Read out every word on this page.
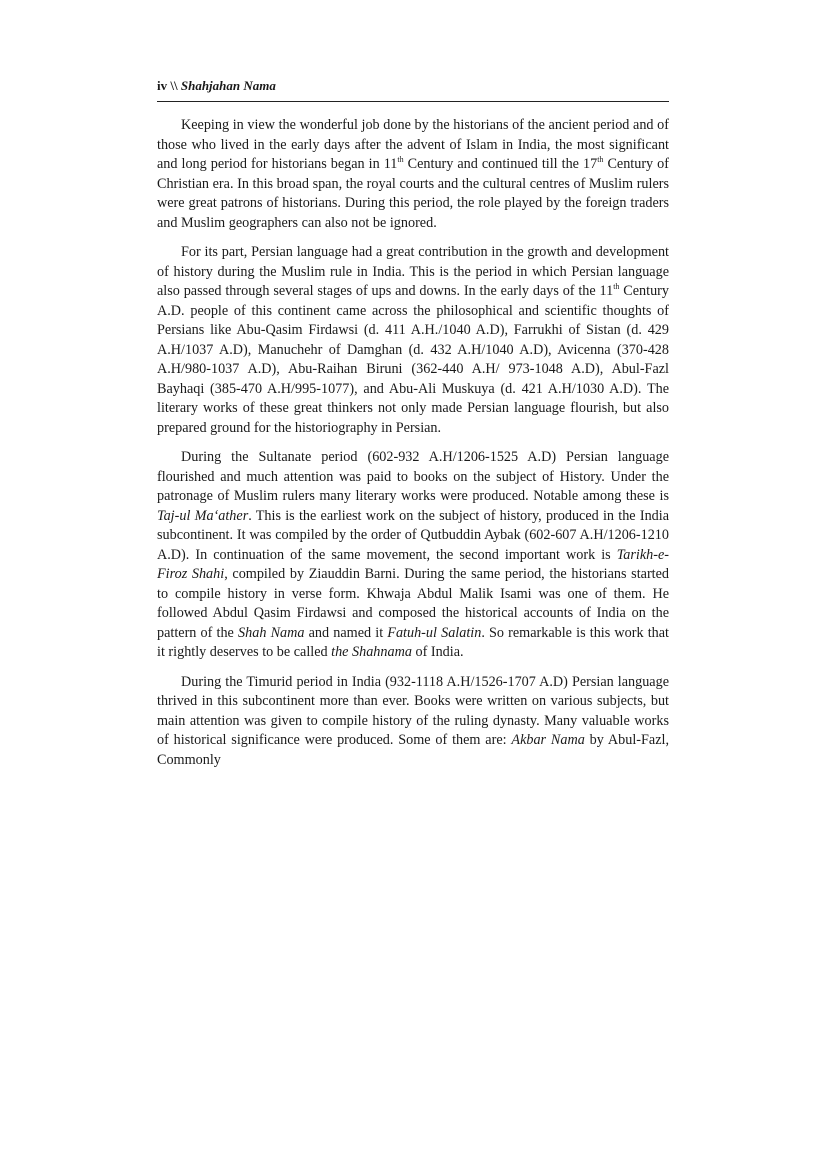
iv \\ Shahjahan Nama

Keeping in view the wonderful job done by the historians of the ancient period and of those who lived in the early days after the advent of Islam in India, the most significant and long period for historians began in 11th Century and continued till the 17th Century of Christian era. In this broad span, the royal courts and the cultural centres of Muslim rulers were great patrons of historians. During this period, the role played by the foreign traders and Muslim geographers can also not be ignored.

For its part, Persian language had a great contribution in the growth and development of history during the Muslim rule in India. This is the period in which Persian language also passed through several stages of ups and downs. In the early days of the 11th Century A.D. people of this continent came across the philosophical and scientific thoughts of Persians like Abu-Qasim Firdawsi (d. 411 A.H./1040 A.D), Farrukhi of Sistan (d. 429 A.H/1037 A.D), Manuchehr of Damghan (d. 432 A.H/1040 A.D), Avicenna (370-428 A.H/980-1037 A.D), Abu-Raihan Biruni (362-440 A.H/ 973-1048 A.D), Abul-Fazl Bayhaqi (385-470 A.H/995-1077), and Abu-Ali Muskuya (d. 421 A.H/1030 A.D). The literary works of these great thinkers not only made Persian language flourish, but also prepared ground for the historiography in Persian.

During the Sultanate period (602-932 A.H/1206-1525 A.D) Persian language flourished and much attention was paid to books on the subject of History. Under the patronage of Muslim rulers many literary works were produced. Notable among these is Taj-ul Ma‘ather. This is the earliest work on the subject of history, produced in the India subcontinent. It was compiled by the order of Qutbuddin Aybak (602-607 A.H/1206-1210 A.D). In continuation of the same movement, the second important work is Tarikh-e-Firoz Shahi, compiled by Ziauddin Barni. During the same period, the historians started to compile history in verse form. Khwaja Abdul Malik Isami was one of them. He followed Abdul Qasim Firdawsi and composed the historical accounts of India on the pattern of the Shah Nama and named it Fatuh-ul Salatin. So remarkable is this work that it rightly deserves to be called the Shahnama of India.

During the Timurid period in India (932-1118 A.H/1526-1707 A.D) Persian language thrived in this subcontinent more than ever. Books were written on various subjects, but main attention was given to compile history of the ruling dynasty. Many valuable works of historical significance were produced. Some of them are: Akbar Nama by Abul-Fazl, Commonly
